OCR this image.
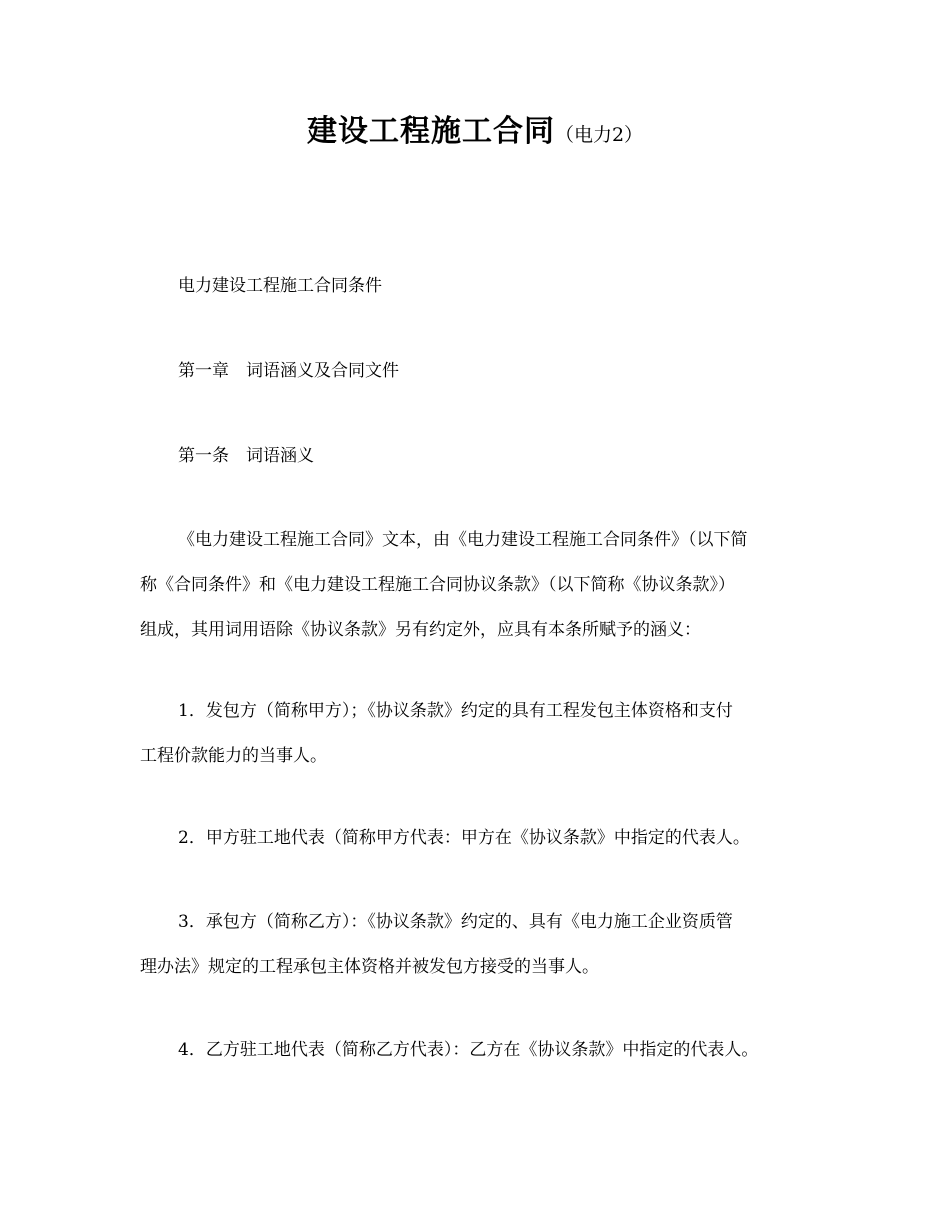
建设工程施工合同（电力2）

电力建设工程施工合同条件

第一章　词语涵义及合同文件

第一条　词语涵义

《电力建设工程施工合同》文本，由《电力建设工程施工合同条件》（以下简
称《合同条件》和《电力建设工程施工合同协议条款》（以下简称《协议条款》）
组成，其用词用语除《协议条款》另有约定外，应具有本条所赋予的涵义：
1．发包方（简称甲方）；《协议条款》约定的具有工程发包主体资格和支付
工程价款能力的当事人。
2．甲方驻工地代表（简称甲方代表：甲方在《协议条款》中指定的代表人。
3．承包方（简称乙方）：《协议条款》约定的、具有《电力施工企业资质管
理办法》规定的工程承包主体资格并被发包方接受的当事人。
4．乙方驻工地代表（简称乙方代表）：乙方在《协议条款》中指定的代表人。
